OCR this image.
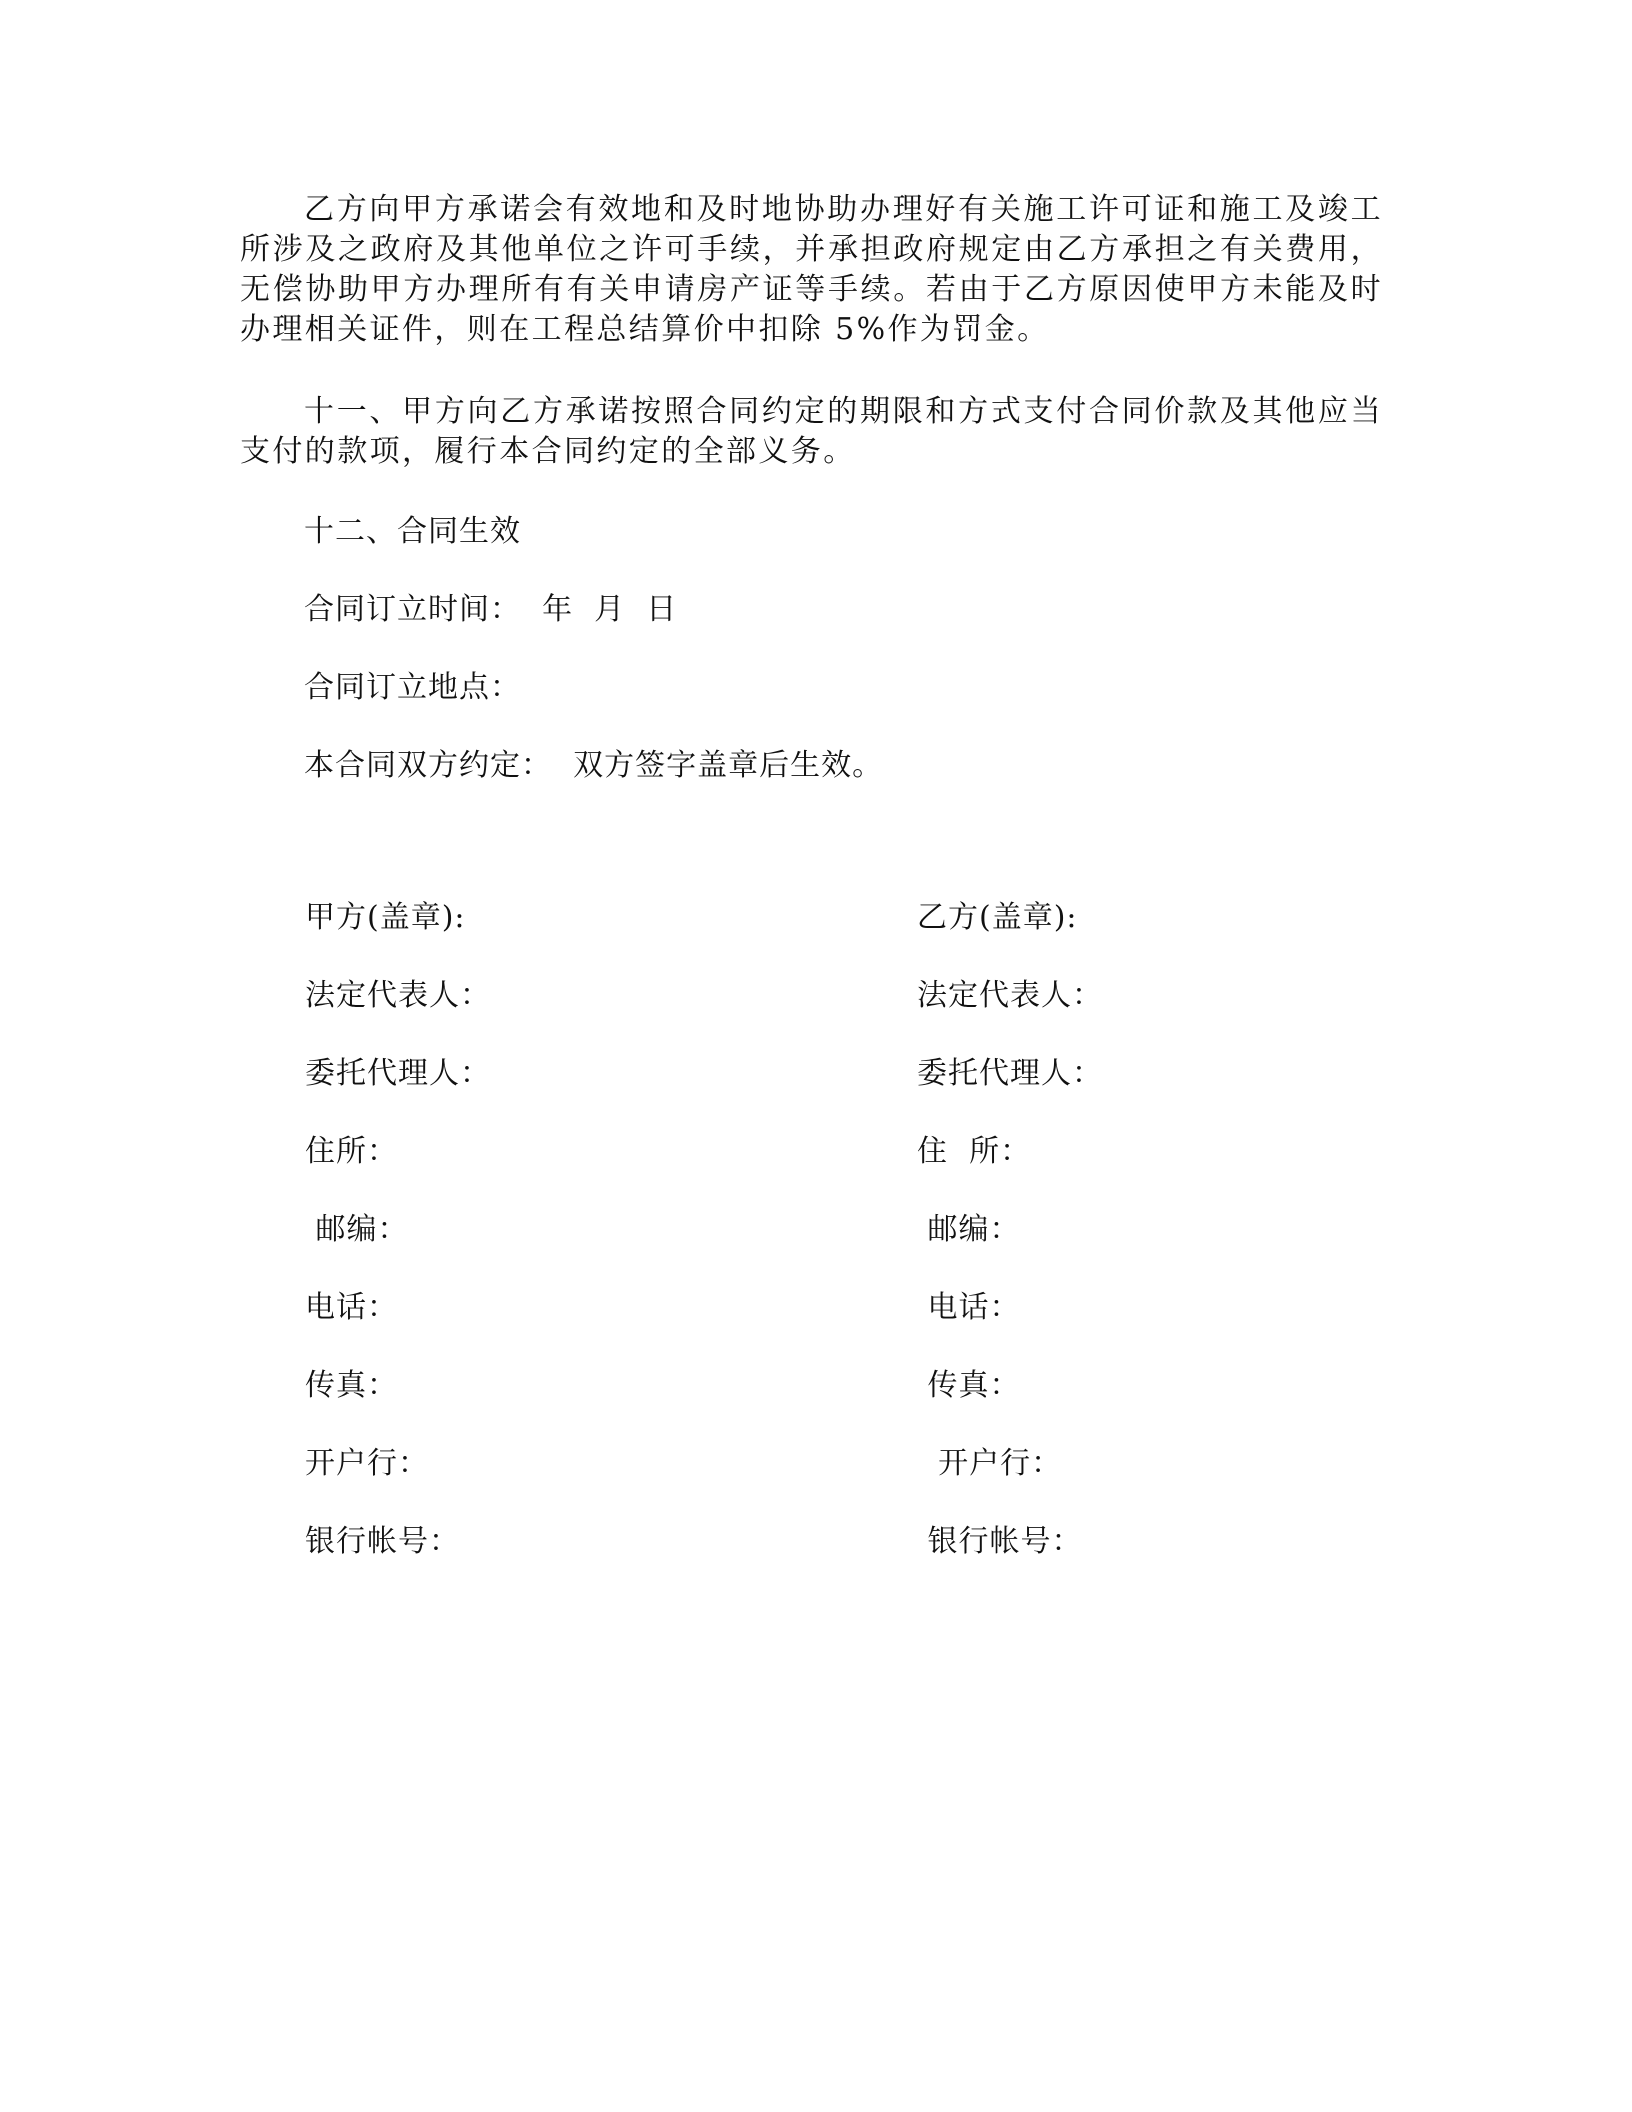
乙方向甲方承诺会有效地和及时地协助办理好有关施工许可证和施工及竣工所涉及之政府及其他单位之许可手续，并承担政府规定由乙方承担之有关费用，无偿协助甲方办理所有有关申请房产证等手续。若由于乙方原因使甲方未能及时办理相关证件，则在工程总结算价中扣除 5%作为罚金。

十一、甲方向乙方承诺按照合同约定的期限和方式支付合同价款及其他应当支付的款项，履行本合同约定的全部义务。

十二、合同生效

合同订立时间：  年  月  日

合同订立地点：

本合同双方约定：  双方签字盖章后生效。

甲方(盖章):

法定代表人：

委托代理人：

住所：

邮编：

电话：

传真：

开户行：

银行帐号：

乙方(盖章):

法定代表人：

委托代理人：

住  所：

邮编：

电话：

传真：

开户行：

银行帐号：
